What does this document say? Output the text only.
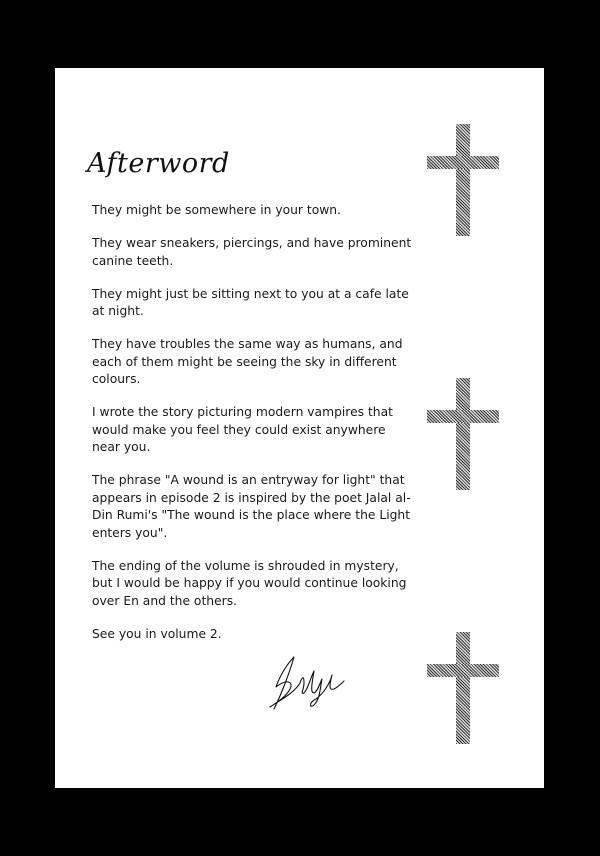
Afterword

They might be somewhere in your town.

They wear sneakers, piercings, and have prominent canine teeth.

They might just be sitting next to you at a cafe late at night.

They have troubles the same way as humans, and each of them might be seeing the sky in different colours.

I wrote the story picturing modern vampires that would make you feel they could exist anywhere near you.

The phrase "A wound is an entryway for light" that appears in episode 2 is inspired by the poet Jalal al-Din Rumi's "The wound is the place where the Light enters you".

The ending of the volume is shrouded in mystery, but I would be happy if you would continue looking over En and the others.

See you in volume 2.
